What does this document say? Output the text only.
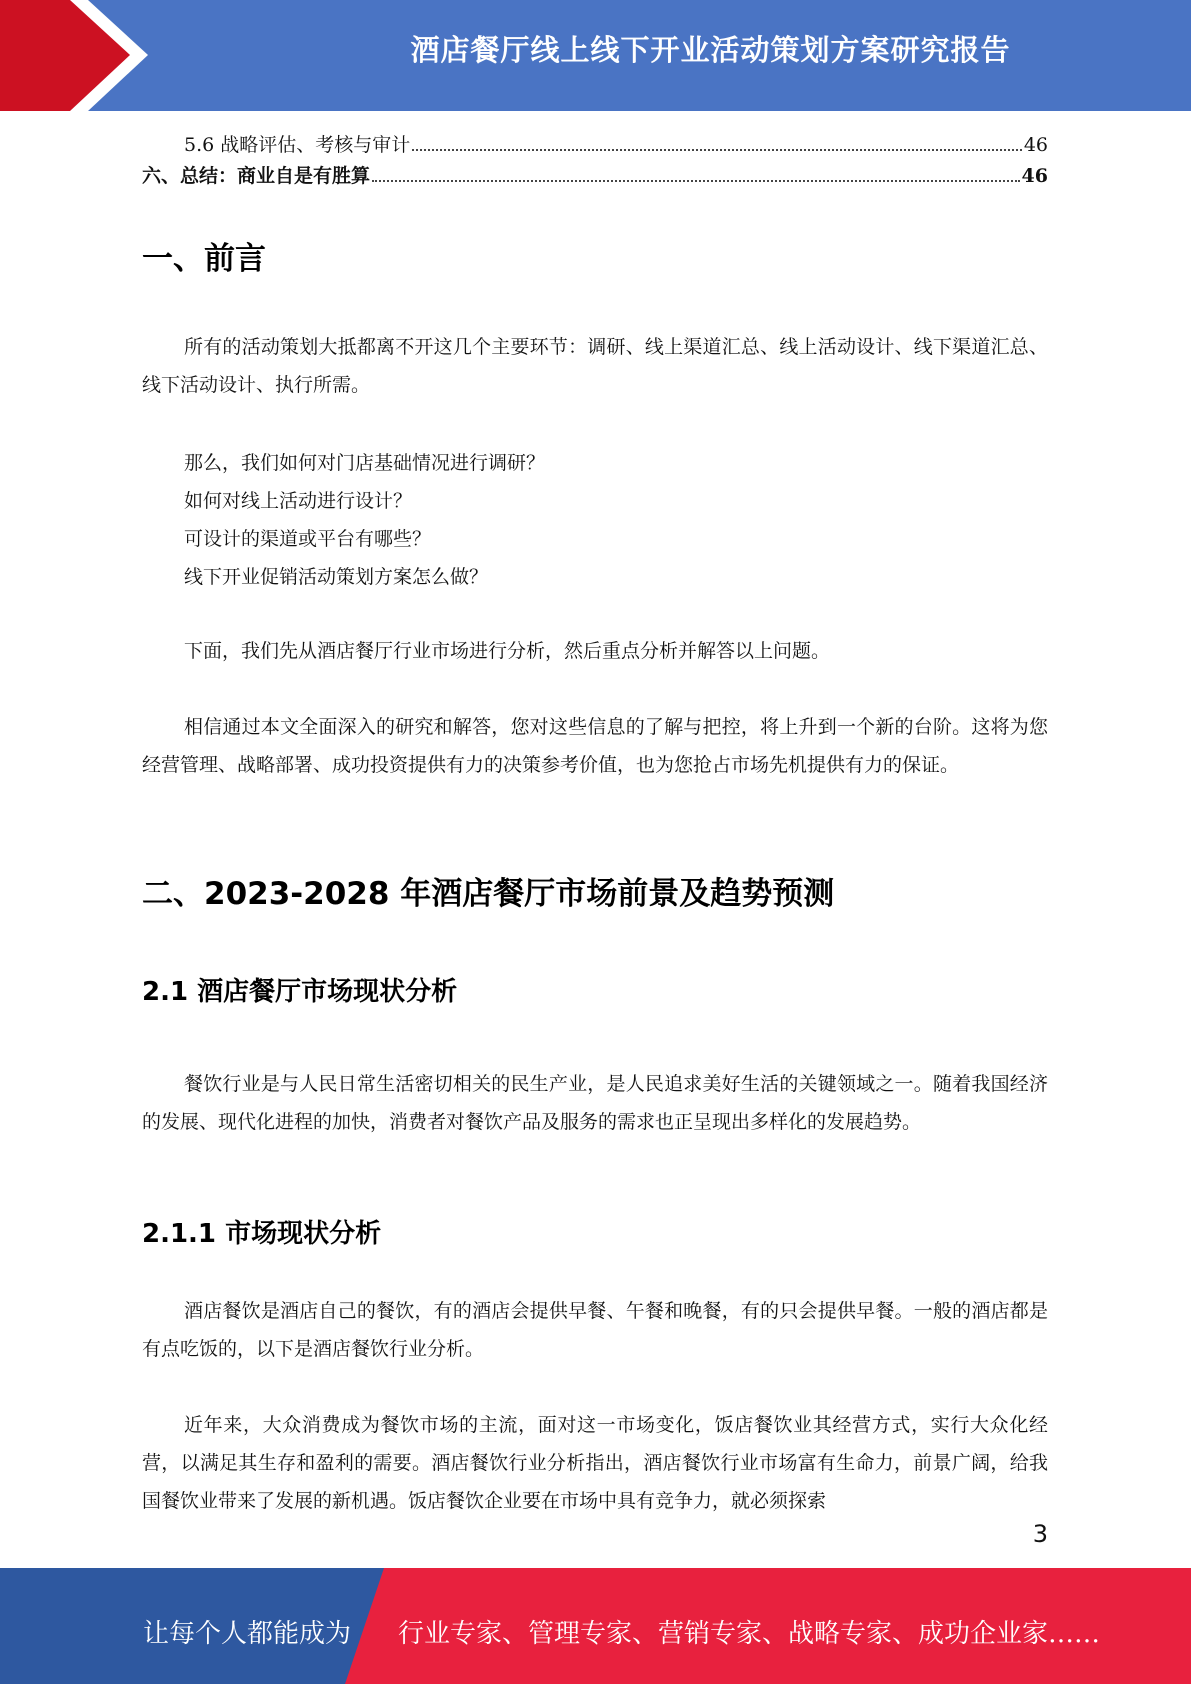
酒店餐厅线上线下开业活动策划方案研究报告
5.6 战略评估、考核与审计	46
六、总结：商业自是有胜算	46
一、前言

所有的活动策划大抵都离不开这几个主要环节：调研、线上渠道汇总、线上活动设计、线下渠道汇总、线下活动设计、执行所需。

那么，我们如何对门店基础情况进行调研？
如何对线上活动进行设计？
可设计的渠道或平台有哪些？
线下开业促销活动策划方案怎么做？

下面，我们先从酒店餐厅行业市场进行分析，然后重点分析并解答以上问题。

相信通过本文全面深入的研究和解答，您对这些信息的了解与把控，将上升到一个新的台阶。这将为您经营管理、战略部署、成功投资提供有力的决策参考价值，也为您抢占市场先机提供有力的保证。

二、2023-2028 年酒店餐厅市场前景及趋势预测
2.1 酒店餐厅市场现状分析

餐饮行业是与人民日常生活密切相关的民生产业，是人民追求美好生活的关键领域之一。随着我国经济的发展、现代化进程的加快，消费者对餐饮产品及服务的需求也正呈现出多样化的发展趋势。

2.1.1 市场现状分析

酒店餐饮是酒店自己的餐饮，有的酒店会提供早餐、午餐和晚餐，有的只会提供早餐。一般的酒店都是有点吃饭的，以下是酒店餐饮行业分析。

近年来，大众消费成为餐饮市场的主流，面对这一市场变化，饭店餐饮业其经营方式，实行大众化经营，以满足其生存和盈利的需要。酒店餐饮行业分析指出，酒店餐饮行业市场富有生命力，前景广阔，给我国餐饮业带来了发展的新机遇。饭店餐饮企业要在市场中具有竞争力，就必须探索

3
让每个人都能成为 行业专家、管理专家、营销专家、战略专家、成功企业家……
